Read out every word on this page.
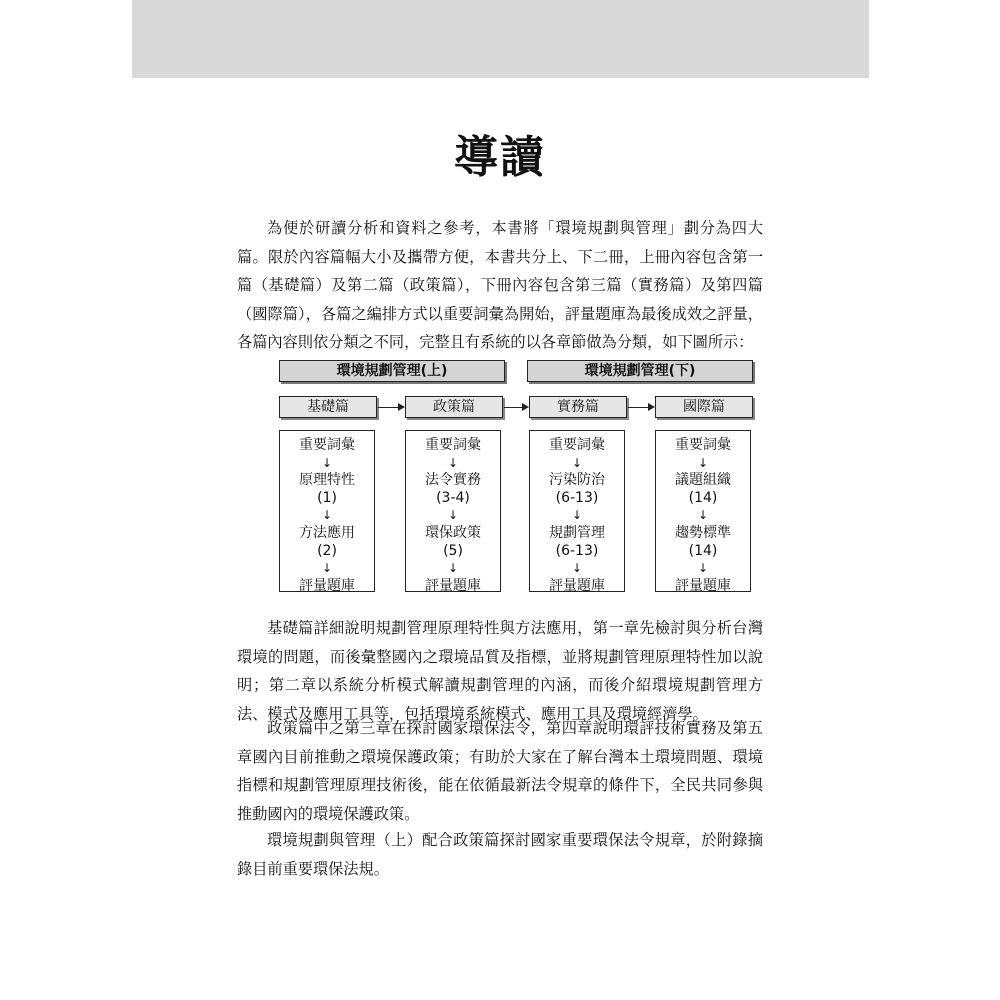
導讀

為便於研讀分析和資料之參考，本書將「環境規劃與管理」劃分為四大篇。限於內容篇幅大小及攜帶方便，本書共分上、下二冊，上冊內容包含第一篇（基礎篇）及第二篇（政策篇），下冊內容包含第三篇（實務篇）及第四篇（國際篇），各篇之編排方式以重要詞彙為開始，評量題庫為最後成效之評量，各篇內容則依分類之不同，完整且有系統的以各章節做為分類，如下圖所示：

環境規劃管理(上)	環境規劃管理(下)
基礎篇	政策篇	實務篇	國際篇
重要詞彙
↓
原理特性
(1)
↓
方法應用
(2)
↓
評量題庫
重要詞彙
↓
法令實務
(3-4)
↓
環保政策
(5)
↓
評量題庫
重要詞彙
↓
污染防治
(6-13)
↓
規劃管理
(6-13)
↓
評量題庫
重要詞彙
↓
議題組織
(14)
↓
趨勢標準
(14)
↓
評量題庫

基礎篇詳細說明規劃管理原理特性與方法應用，第一章先檢討與分析台灣環境的問題，而後彙整國內之環境品質及指標，並將規劃管理原理特性加以說明；第二章以系統分析模式解讀規劃管理的內涵，而後介紹環境規劃管理方法、模式及應用工具等，包括環境系統模式、應用工具及環境經濟學。

政策篇中之第三章在探討國家環保法令，第四章說明環評技術實務及第五章國內目前推動之環境保護政策；有助於大家在了解台灣本土環境問題、環境指標和規劃管理原理技術後，能在依循最新法令規章的條件下，全民共同參與推動國內的環境保護政策。

環境規劃與管理（上）配合政策篇探討國家重要環保法令規章，於附錄摘錄目前重要環保法規。
